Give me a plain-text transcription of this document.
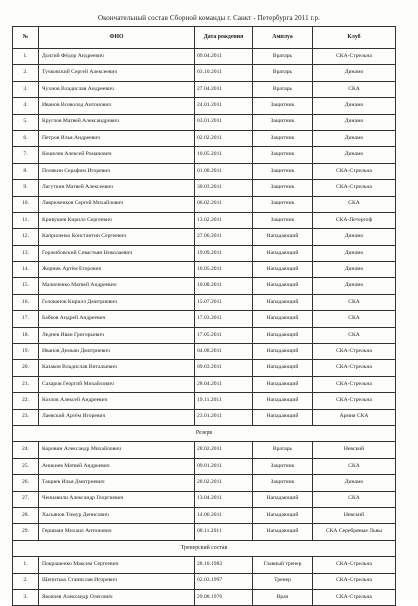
Окончательный состав Сборной команды г. Санкт - Петербурга 2011 г.р.
№	ФИО	Дата рождения	Амплуа	Клуб
1.	Долгий Фёдор Андреевич	09.04.2011	Вратарь	СКА-Стрельна
2.	Тучковский Сергей Алексеевич	03.10.2011	Вратарь	Динамо
3.	Чухнов Владислав Андреевич	27.04.2011	Вратарь	СКА
4.	Иванов Всеволод Антонович	24.01.2011	Защитник	Динамо
5.	Круглов Матвей Александрович	03.01.2011	Защитник	Динамо
6.	Петров Илья Андреевич	02.02.2011	Защитник	Динамо
7.	Кошелев Алексей Романович	10.05.2011	Защитник	Динамо
8.	Полякин Серафим Игоревич	01.08.2011	Защитник	СКА-Стрельна
9.	Лагуткин Матвей Алексеевич	30.03.2011	Защитник	СКА-Стрельна
10.	Лавреженков Сергей Михайлович	06.02.2011	Защитник	СКА
11.	Кривушев Кирилл Сергеевич	13.02.2011	Защитник	СКА-Петергоф
12.	Каприленко Константин Сергеевич	27.06.2011	Нападающий	Динамо
13.	Горжибовский Севастьян Николаевич	19.09.2011	Нападающий	Динамо
14.	Жорник Артём Егорович	16.05.2011	Нападающий	Динамо
15.	Малюченко Матвей Андреевич	10.08.2011	Нападающий	Динамо
16.	Голованов Кирилл Дмитриевич	15.07.2011	Нападающий	СКА
17.	Бабков Андрей Андреевич	17.03.2011	Нападающий	СКА
18.	Леднев Иван Григорьевич	17.05.2011	Нападающий	СКА
19.	Иванов Демьян Дмитриевич	04.08.2011	Нападающий	СКА-Стрельна
20.	Казаков Владислав Витальевич	09.03.2011	Нападающий	СКА-Стрельна
21.	Сахаров Георгий Михайлович	28.04.2011	Нападающий	СКА-Стрельна
22.	Козлов Алексей Андреевич	19.11.2011	Нападающий	СКА-Стрельна
23.	Лаевский Артём Игоревич	23.01.2011	Нападающий	Армия СКА
Резерв				
24.	Коровин Александр Михайлович	28.02.2011	Вратарь	Невский
25.	Аникиев Матвей Андреевич	09.01.2011	Защитник	СКА
26.	Тащиев Илья Дмитриевич	28.02.2011	Защитник	Динамо
27.	Чениавили Александр Георгиевич	13.04.2011	Нападающий	СКА
28.	Хасьянов Тимур Денисович	14.06.2011	Нападающий	Невский
29.	Гершман Михаил Антонович	08.11.2011	Нападающий	СКА Серебряные Львы
Тренерский состав				
1.	Покрашенко Максим Сергеевич	28.10.1983	Главный тренер	СКА-Стрельна
2.	Шепитько Станислав Игоревич	02.03.1997	Тренер	СКА-Стрельна
3.	Яковлев Александр Олегович	29.08.1976	Врач	СКА-Стрельна
